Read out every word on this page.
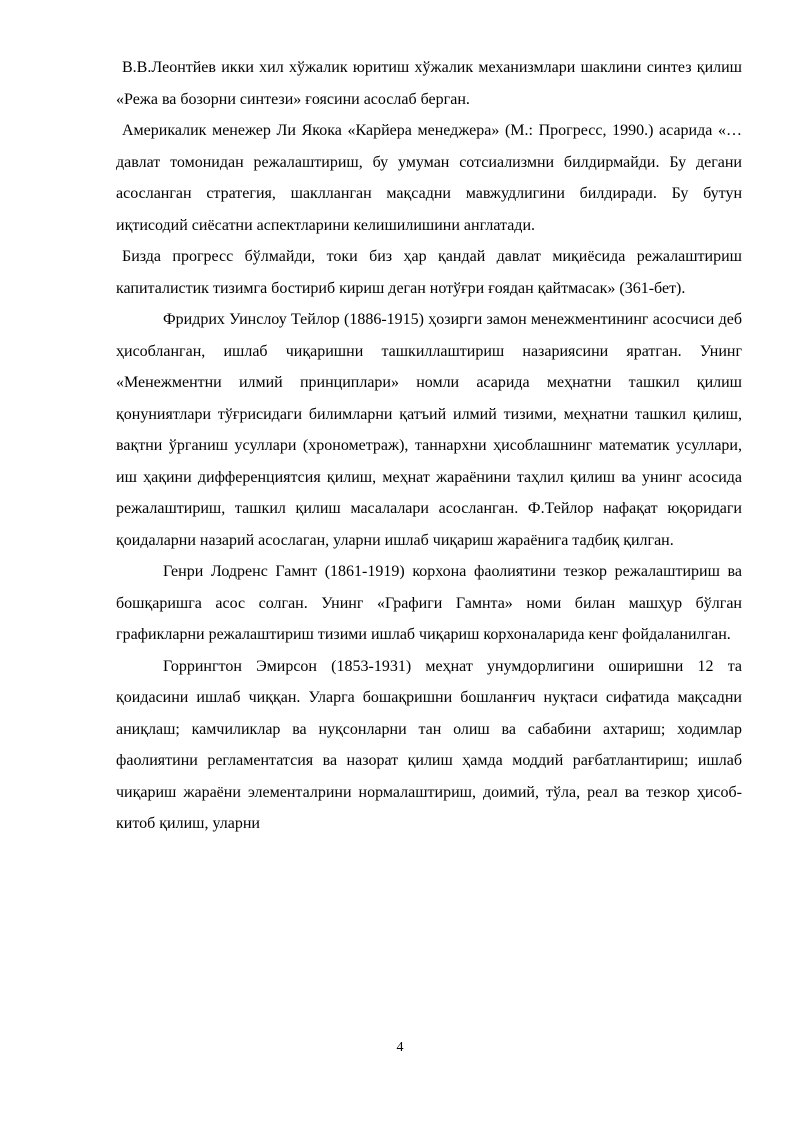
В.В.Леонтйев икки хил хўжалик юритиш хўжалик механизмлари шаклини синтез қилиш «Режа ва бозорни синтези» ғоясини асослаб берган.

Америкалик менежер Ли Якока «Карйера менеджера» (М.: Прогресс, 1990.) асарида «… давлат томонидан режалаштириш, бу умуман сотсиализмни билдирмайди. Бу дегани асосланган стратегия, шаклланган мақсадни мавжудлигини билдиради. Бу бутун иқтисодий сиёсатни аспектларини келишилишини англатади.

Бизда прогресс бўлмайди, токи биз ҳар қандай давлат миқиёсида режалаштириш капиталистик тизимга бостириб кириш деган нотўғри ғоядан қайтмасак» (361-бет).

Фридрих Уинслоу Тейлор (1886-1915) ҳозирги замон менежментининг асосчиси деб ҳисобланган, ишлаб чиқаришни ташкиллаштириш назариясини яратган. Унинг «Менежментни илмий принциплари» номли асарида меҳнатни ташкил қилиш қонуниятлари тўғрисидаги билимларни қатъий илмий тизими, меҳнатни ташкил қилиш, вақтни ўрганиш усуллари (хронометраж), таннархни ҳисоблашнинг математик усуллари, иш ҳақини дифференциятсия қилиш, меҳнат жараёнини таҳлил қилиш ва унинг асосида режалаштириш, ташкил қилиш масалалари асосланган. Ф.Тейлор нафақат юқоридаги қоидаларни назарий асослаган, уларни ишлаб чиқариш жараёнига тадбиқ қилган.

Генри Лодренс Гамнт (1861-1919) корхона фаолиятини тезкор режалаштириш ва бошқаришга асос солган. Унинг «Графиги Гамнта» номи билан машҳур бўлган графикларни режалаштириш тизими ишлаб чиқариш корхоналарида кенг фойдаланилган.

Горрингтон Эмирсон (1853-1931) меҳнат унумдорлигини оширишни 12 та қоидасини ишлаб чиққан. Уларга бошақришни бошланғич нуқтаси сифатида мақсадни аниқлаш; камчиликлар ва нуқсонларни тан олиш ва сабабини ахтариш; ходимлар фаолиятини регламентатсия ва назорат қилиш ҳамда моддий рағбатлантириш; ишлаб чиқариш жараёни элементалрини нормалаштириш, доимий, тўла, реал ва тезкор ҳисоб-китоб қилиш, уларни

4
